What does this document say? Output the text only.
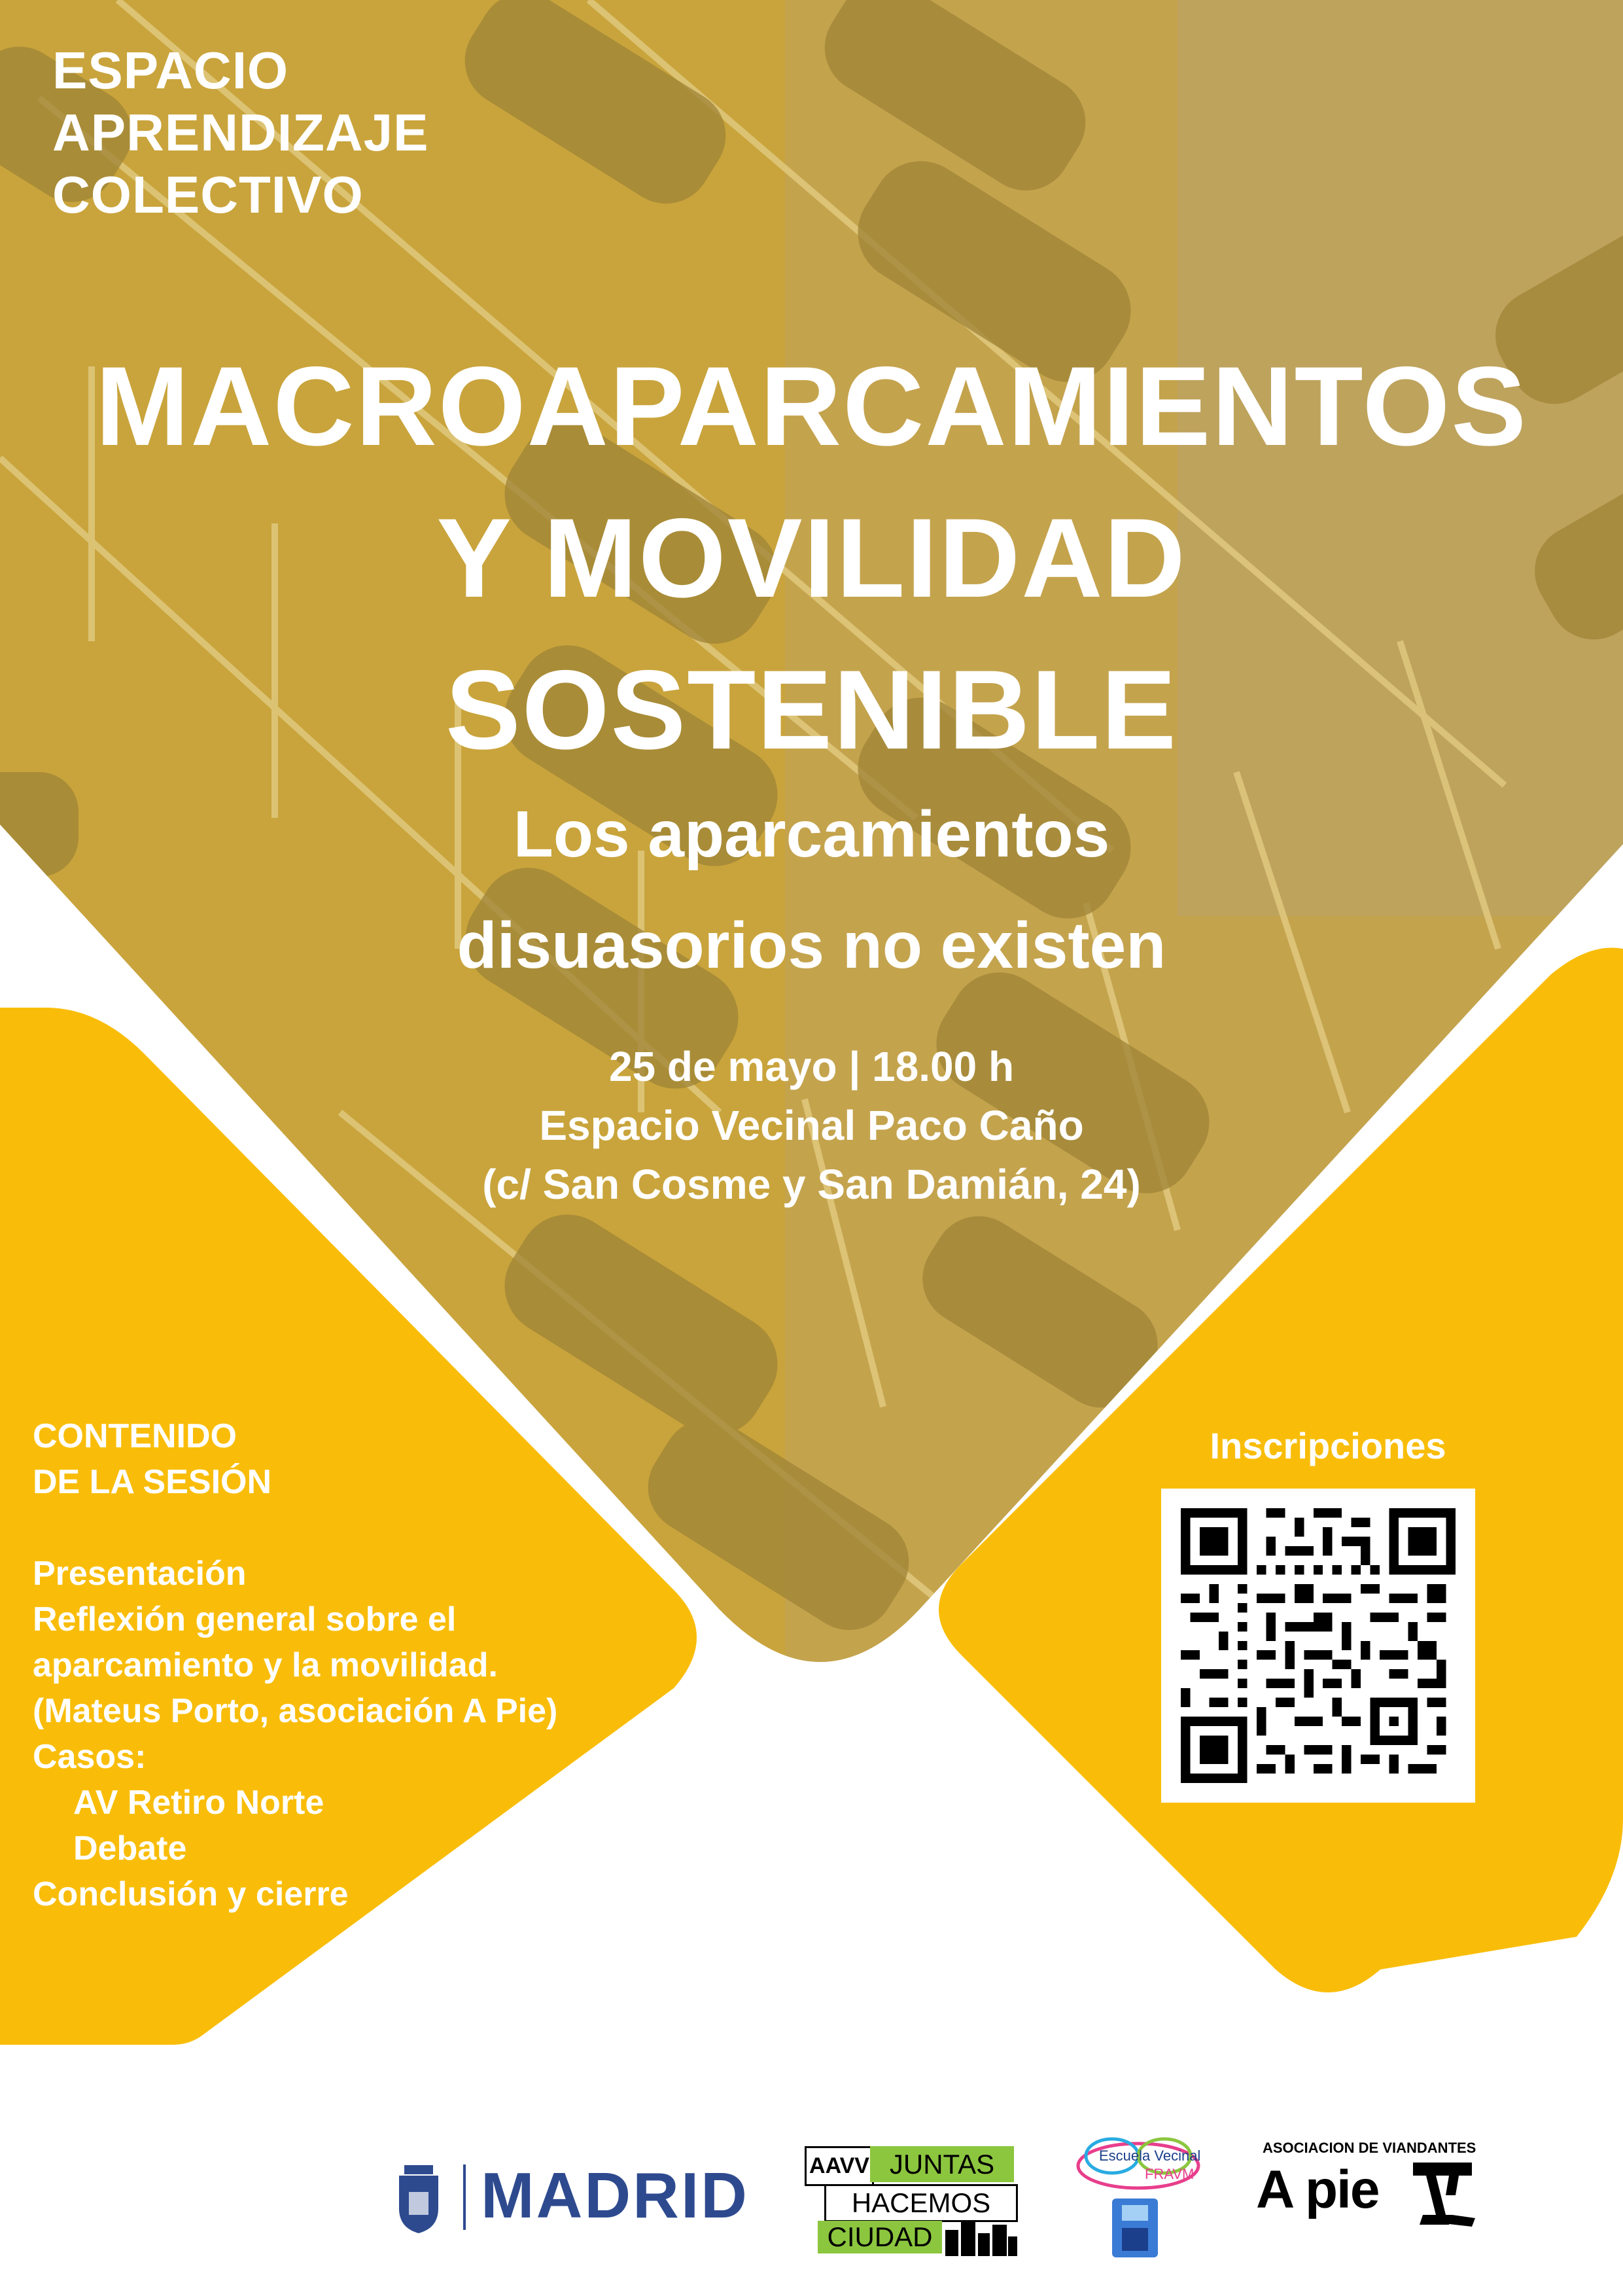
ESPACIO
APRENDIZAJE
COLECTIVO
MACROAPARCAMIENTOS
Y MOVILIDAD
SOSTENIBLE
Los aparcamientos
disuasorios no existen
25 de mayo | 18.00 h
Espacio Vecinal Paco Caño
(c/ San Cosme y San Damián, 24)
CONTENIDO
DE LA SESIÓN
Presentación
Reflexión general sobre el
aparcamiento y la movilidad.
(Mateus Porto, asociación A Pie)
Casos:
AV Retiro Norte
Debate
Conclusión y cierre
Inscripciones
MADRID	AAVV JUNTAS
HACEMOS
CIUDAD
Escuela Vecinal
FRAVM
ASOCIACION DE VIANDANTES
A pie
